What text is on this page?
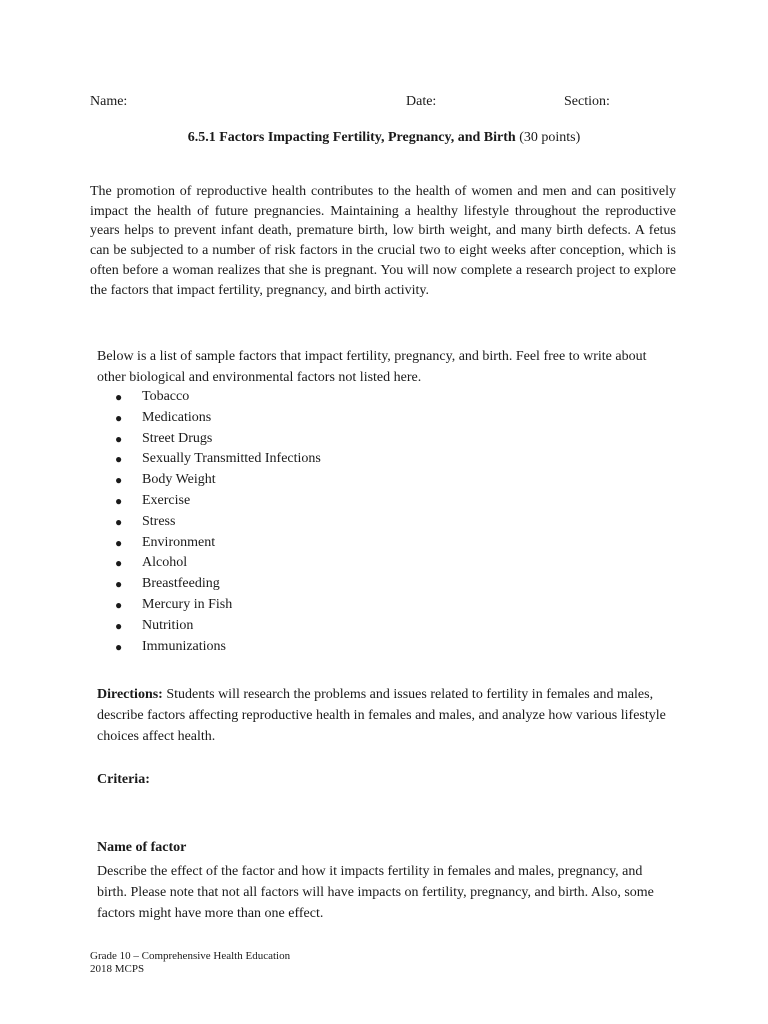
Name:	Date:	Section:
6.5.1 Factors Impacting Fertility, Pregnancy, and Birth (30 points)
The promotion of reproductive health contributes to the health of women and men and can positively impact the health of future pregnancies. Maintaining a healthy lifestyle throughout the reproductive years helps to prevent infant death, premature birth, low birth weight, and many birth defects. A fetus can be subjected to a number of risk factors in the crucial two to eight weeks after conception, which is often before a woman realizes that she is pregnant. You will now complete a research project to explore the factors that impact fertility, pregnancy, and birth activity.
Below is a list of sample factors that impact fertility, pregnancy, and birth. Feel free to write about other biological and environmental factors not listed here.
● Tobacco
● Medications
● Street Drugs
● Sexually Transmitted Infections
● Body Weight
● Exercise
● Stress
● Environment
● Alcohol
● Breastfeeding
● Mercury in Fish
● Nutrition
● Immunizations
Directions: Students will research the problems and issues related to fertility in females and males, describe factors affecting reproductive health in females and males, and analyze how various lifestyle choices affect health.
Criteria:
Name of factor
Describe the effect of the factor and how it impacts fertility in females and males, pregnancy, and birth. Please note that not all factors will have impacts on fertility, pregnancy, and birth. Also, some factors might have more than one effect.
Grade 10 – Comprehensive Health Education
2018 MCPS
